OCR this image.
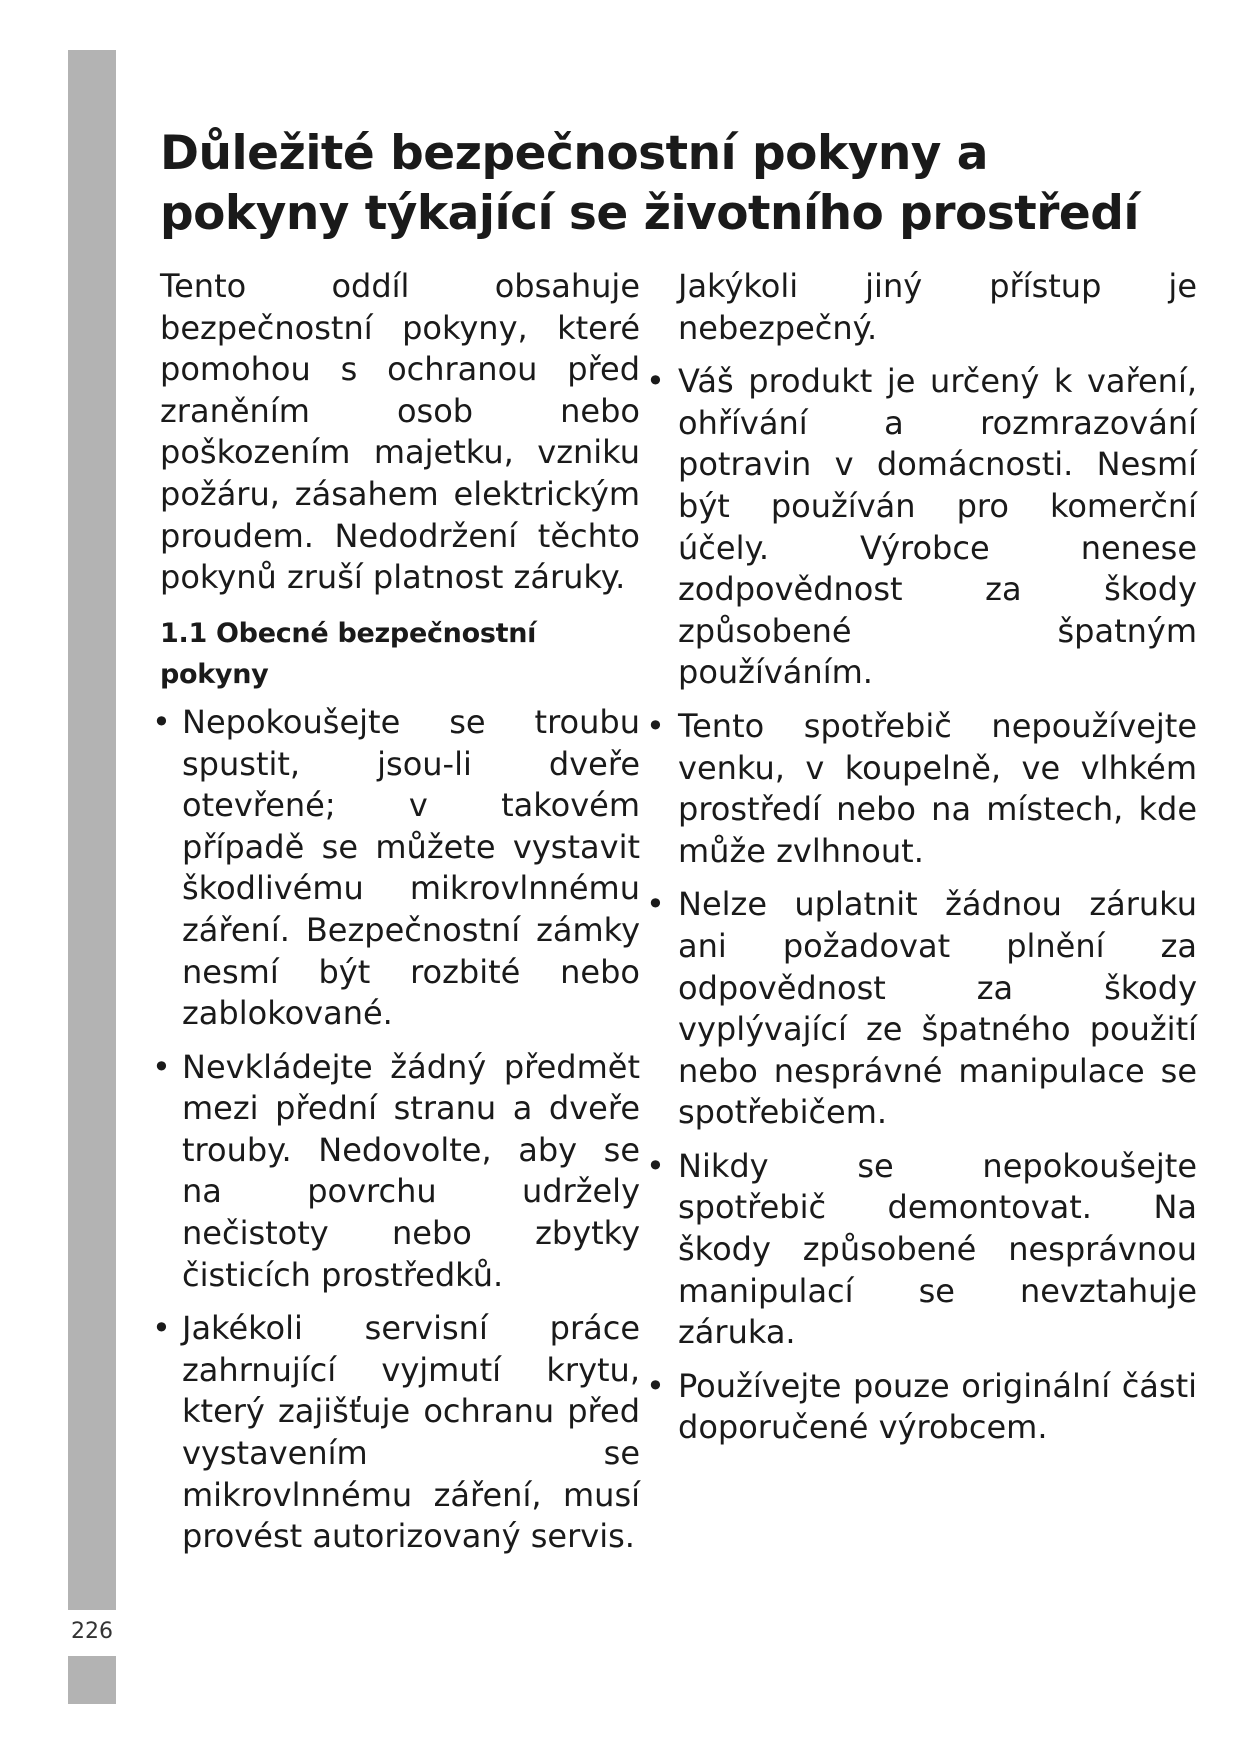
226
Důležité bezpečnostní pokyny a pokyny týkající se životního prostředí

Tento oddíl obsahuje bezpečnostní pokyny, které pomohou s ochranou před zraněním osob nebo poškozením majetku, vzniku požáru, zásahem elektrickým proudem. Nedodržení těchto pokynů zruší platnost záruky.

1.1 Obecné bezpečnostní pokyny
• Nepokoušejte se troubu spustit, jsou-li dveře otevřené; v takovém případě se můžete vystavit škodlivému mikrovlnnému záření. Bezpečnostní zámky nesmí být rozbité nebo zablokované.
• Nevkládejte žádný předmět mezi přední stranu a dveře trouby. Nedovolte, aby se na povrchu udržely nečistoty nebo zbytky čisticích prostředků.
• Jakékoli servisní práce zahrnující vyjmutí krytu, který zajišťuje ochranu před vystavením se mikrovlnnému záření, musí provést autorizovaný servis.

Jakýkoli jiný přístup je nebezpečný.

• Váš produkt je určený k vaření, ohřívání a rozmrazování potravin v domácnosti. Nesmí být používán pro komerční účely. Výrobce nenese zodpovědnost za škody způsobené špatným používáním.
• Tento spotřebič nepoužívejte venku, v koupelně, ve vlhkém prostředí nebo na místech, kde může zvlhnout.
• Nelze uplatnit žádnou záruku ani požadovat plnění za odpovědnost za škody vyplývající ze špatného použití nebo nesprávné manipulace se spotřebičem.
• Nikdy se nepokoušejte spotřebič demontovat. Na škody způsobené nesprávnou manipulací se nevztahuje záruka.
• Používejte pouze originální části doporučené výrobcem.
